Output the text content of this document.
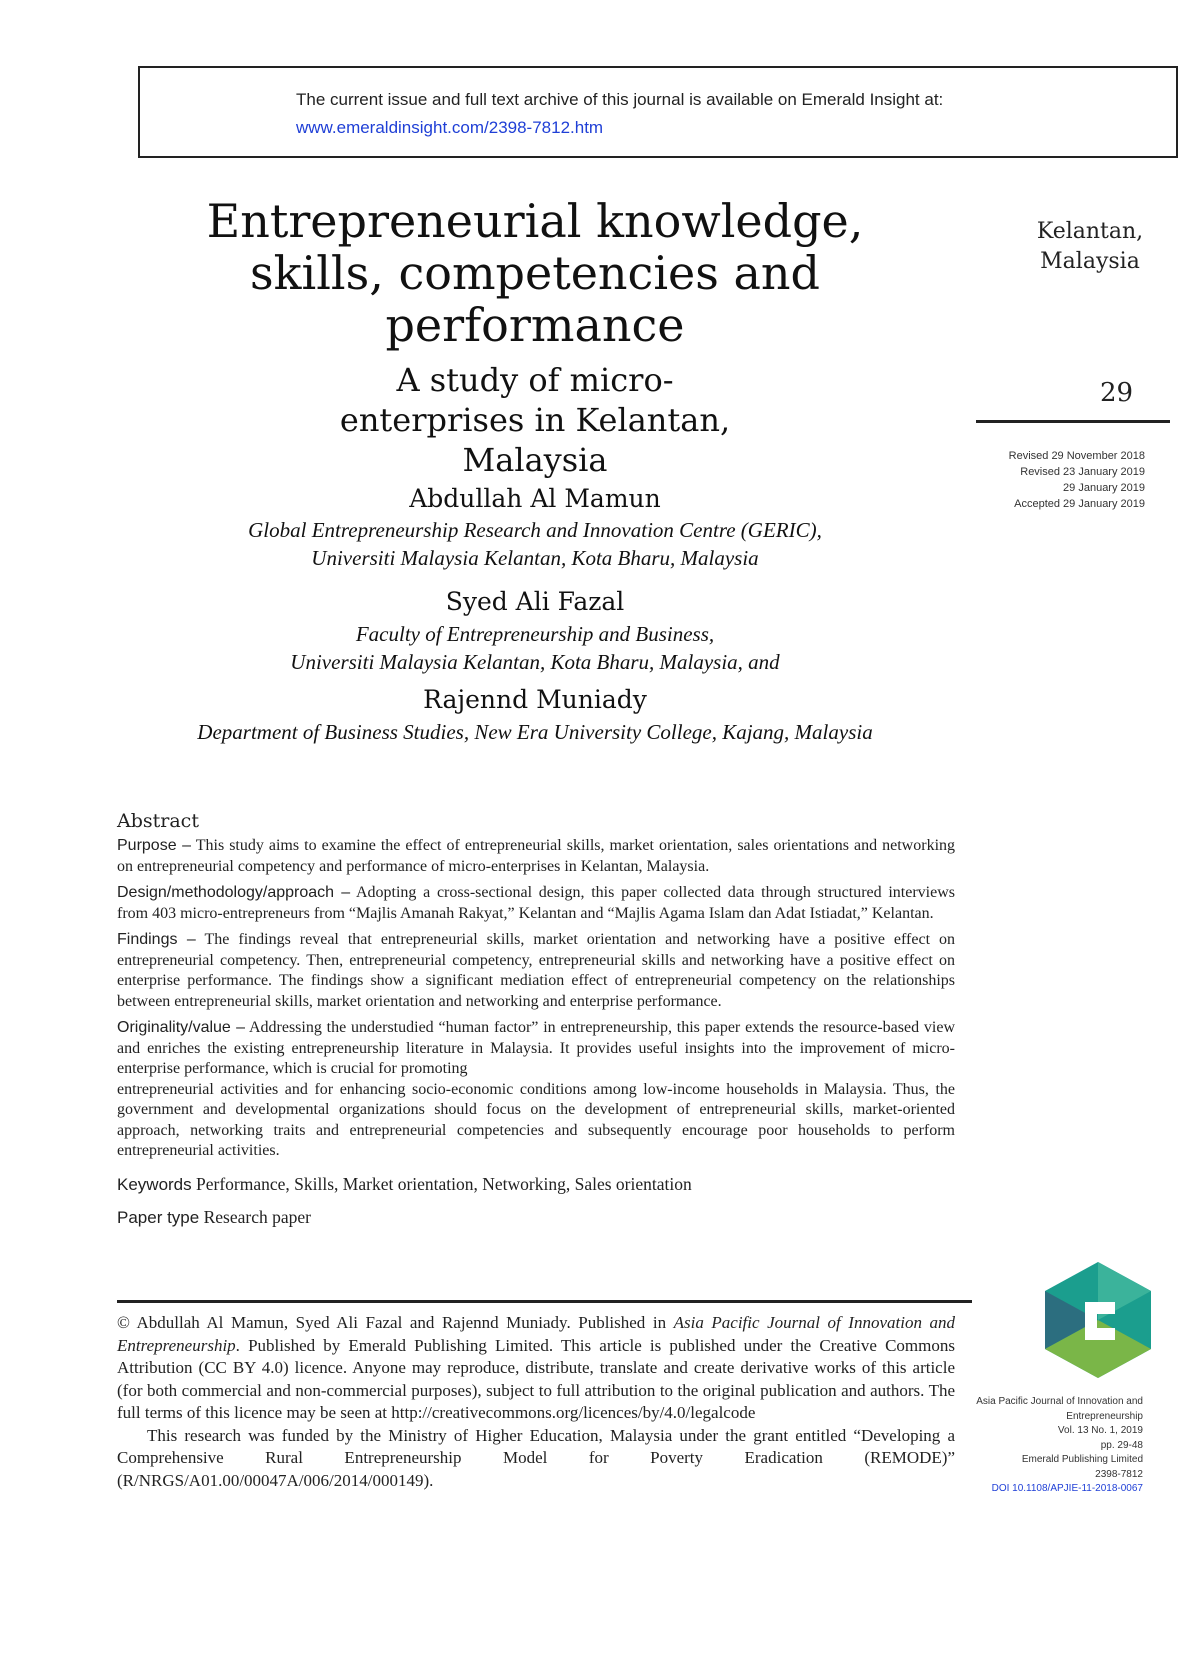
The current issue and full text archive of this journal is available on Emerald Insight at:
www.emeraldinsight.com/2398-7812.htm
Entrepreneurial knowledge,
skills, competencies and
performance
A study of micro-
enterprises in Kelantan,
Malaysia
Abdullah Al Mamun
Global Entrepreneurship Research and Innovation Centre (GERIC),
Universiti Malaysia Kelantan, Kota Bharu, Malaysia
Syed Ali Fazal
Faculty of Entrepreneurship and Business,
Universiti Malaysia Kelantan, Kota Bharu, Malaysia, and
Rajennd Muniady
Department of Business Studies, New Era University College, Kajang, Malaysia
Kelantan,
Malaysia
29
Revised 29 November 2018
Revised 23 January 2019
29 January 2019
Accepted 29 January 2019
Abstract

Purpose – This study aims to examine the effect of entrepreneurial skills, market orientation, sales orientations and networking on entrepreneurial competency and performance of micro-enterprises in Kelantan, Malaysia.

Design/methodology/approach – Adopting a cross-sectional design, this paper collected data through structured interviews from 403 micro-entrepreneurs from “Majlis Amanah Rakyat,” Kelantan and “Majlis Agama Islam dan Adat Istiadat,” Kelantan.

Findings – The findings reveal that entrepreneurial skills, market orientation and networking have a positive effect on entrepreneurial competency. Then, entrepreneurial competency, entrepreneurial skills and networking have a positive effect on enterprise performance. The findings show a significant mediation effect of entrepreneurial competency on the relationships between entrepreneurial skills, market orientation and networking and enterprise performance.

Originality/value – Addressing the understudied “human factor” in entrepreneurship, this paper extends the resource-based view and enriches the existing entrepreneurship literature in Malaysia. It provides useful insights into the improvement of micro-enterprise performance, which is crucial for promoting

entrepreneurial activities and for enhancing socio-economic conditions among low-income households in Malaysia. Thus, the government and developmental organizations should focus on the development of entrepreneurial skills, market-oriented approach, networking traits and entrepreneurial competencies and subsequently encourage poor households to perform entrepreneurial activities.

Keywords Performance, Skills, Market orientation, Networking, Sales orientation

Paper type Research paper

© Abdullah Al Mamun, Syed Ali Fazal and Rajennd Muniady. Published in Asia Pacific Journal of Innovation and Entrepreneurship. Published by Emerald Publishing Limited. This article is published under the Creative Commons Attribution (CC BY 4.0) licence. Anyone may reproduce, distribute, translate and create derivative works of this article (for both commercial and non-commercial purposes), subject to full attribution to the original publication and authors. The full terms of this licence may be seen at http://creativecommons.org/licences/by/4.0/legalcode

This research was funded by the Ministry of Higher Education, Malaysia under the grant entitled “Developing a Comprehensive Rural Entrepreneurship Model for Poverty Eradication (REMODE)” (R/NRGS/A01.00/00047A/006/2014/000149).

Asia Pacific Journal of Innovation and
Entrepreneurship
Vol. 13 No. 1, 2019
pp. 29-48
Emerald Publishing Limited
2398-7812
DOI 10.1108/APJIE-11-2018-0067
